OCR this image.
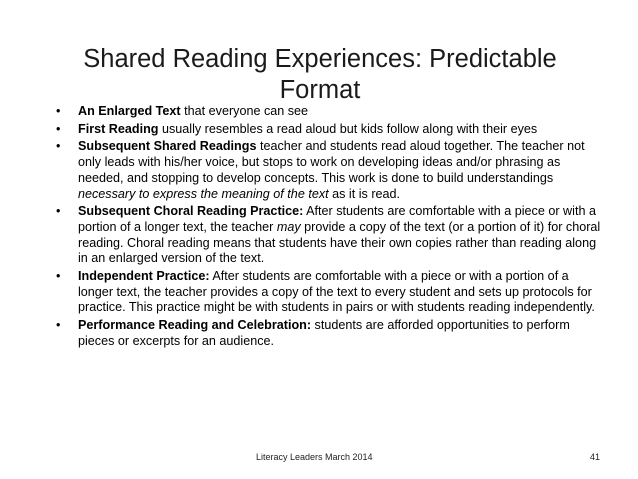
Shared Reading Experiences: Predictable
Format
• An Enlarged Text that everyone can see
• First Reading usually resembles a read aloud but kids follow along with their eyes
• Subsequent Shared Readings teacher and students read aloud together. The teacher not only leads with his/her voice, but stops to work on developing ideas and/or phrasing as needed, and stopping to develop concepts. This work is done to build understandings necessary to express the meaning of the text as it is read.
• Subsequent Choral Reading Practice: After students are comfortable with a piece or with a portion of a longer text, the teacher may provide a copy of the text (or a portion of it) for choral reading. Choral reading means that students have their own copies rather than reading along in an enlarged version of the text.
• Independent Practice: After students are comfortable with a piece or with a portion of a longer text, the teacher provides a copy of the text to every student and sets up protocols for practice. This practice might be with students in pairs or with students reading independently.
• Performance Reading and Celebration: students are afforded opportunities to perform pieces or excerpts for an audience.
Literacy Leaders March 2014	41
